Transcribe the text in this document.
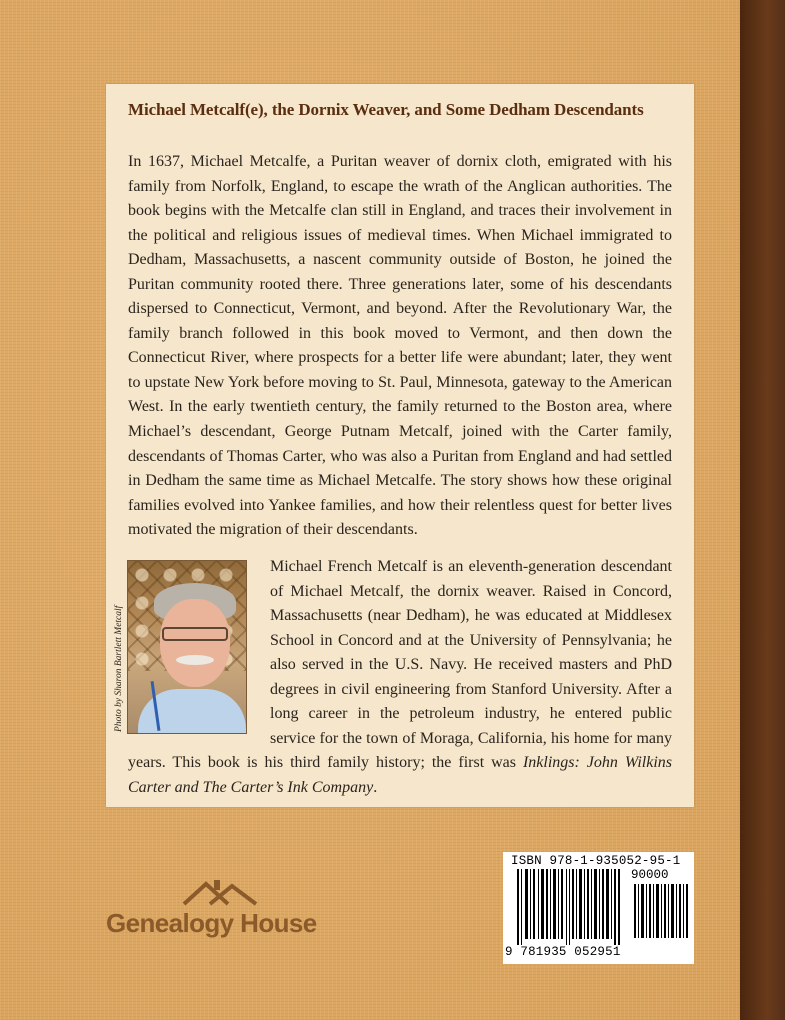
Michael Metcalf(e), the Dornix Weaver, and Some Dedham Descendants

In 1637, Michael Metcalfe, a Puritan weaver of dornix cloth, emigrated with his family from Norfolk, England, to escape the wrath of the Anglican authorities. The book begins with the Metcalfe clan still in England, and traces their involvement in the political and religious issues of medieval times. When Michael immigrated to Dedham, Massachusetts, a nascent community outside of Boston, he joined the Puritan community rooted there. Three generations later, some of his descendants dispersed to Connecticut, Vermont, and beyond. After the Revolutionary War, the family branch followed in this book moved to Vermont, and then down the Connecticut River, where prospects for a better life were abundant; later, they went to upstate New York before moving to St. Paul, Minnesota, gateway to the American West. In the early twentieth century, the family returned to the Boston area, where Michael’s descendant, George Putnam Metcalf, joined with the Carter family, descendants of Thomas Carter, who was also a Puritan from England and had settled in Dedham the same time as Michael Metcalfe. The story shows how these original families evolved into Yankee families, and how their relentless quest for better lives motivated the migration of their descendants.

Photo by Sharon Bartlett Metcalf

Michael French Metcalf is an eleventh-generation descendant of Michael Metcalf, the dornix weaver. Raised in Concord, Massachusetts (near Dedham), he was educated at Middlesex School in Concord and at the University of Pennsylvania; he also served in the U.S. Navy. He received masters and PhD degrees in civil engineering from Stanford University. After a long career in the petroleum industry, he entered public service for the town of Moraga, California, his home for many years. This book is his third family history; the first was Inklings: John Wilkins Carter and The Carter’s Ink Company.

Genealogy House

ISBN 978-1-935052-95-1

90000

9 781935 052951
